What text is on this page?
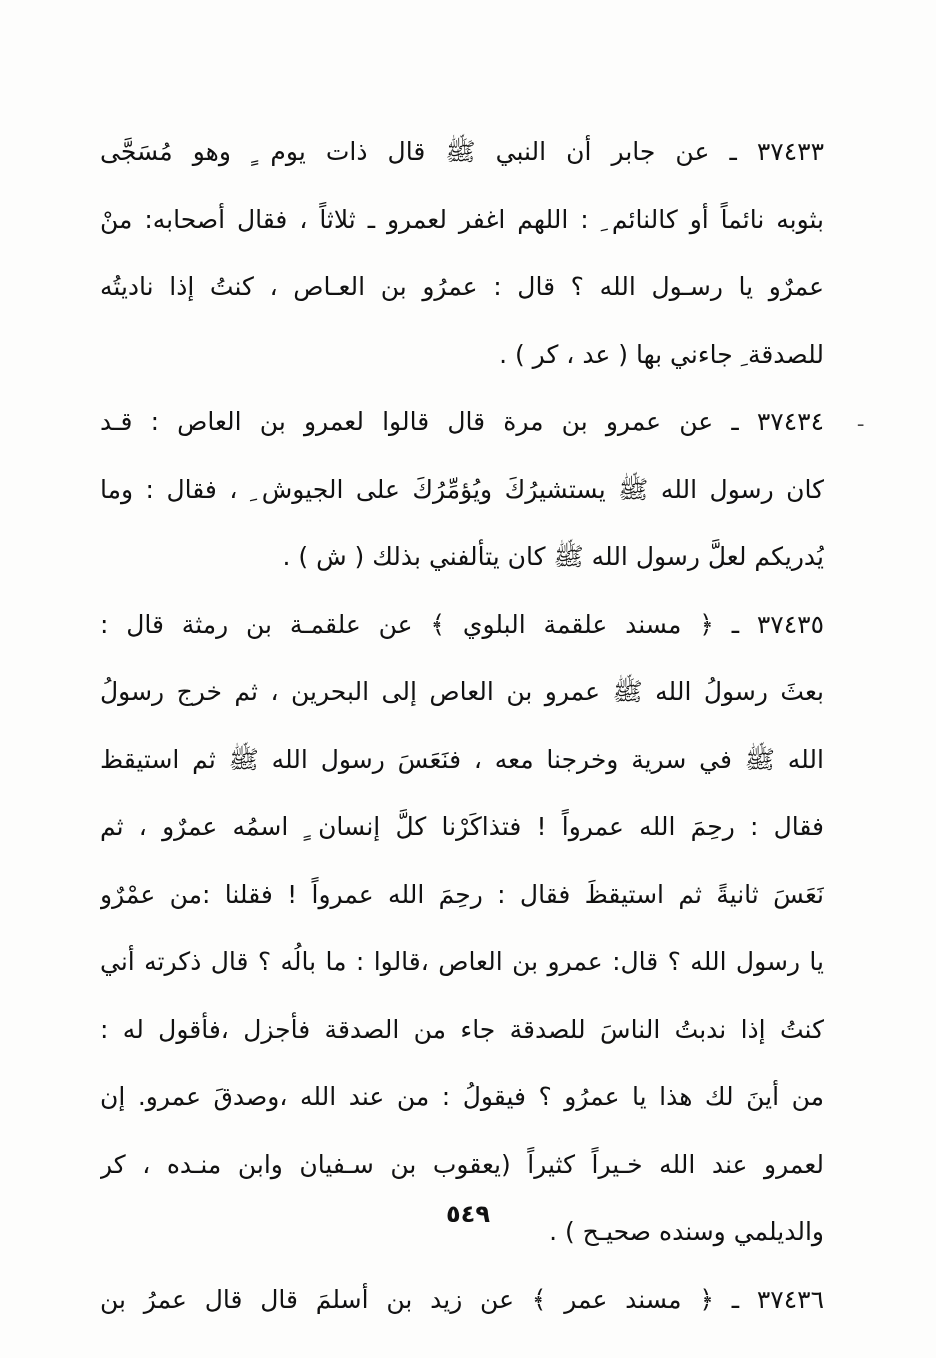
ـ
٣٧٤٣٣ ـ عن جابر أن النبي ﷺ قال ذات يوم ٍ وهو مُسَجَّى
بثوبه نائماً أو كالنائم ِ : اللهم اغفر لعمرو ـ ثلاثاً ، فقال أصحابه: منْ
عمرٌو يا رسـول الله ؟ قال : عمرُو بن العـاص ، كنتُ إذا ناديتُه
للصدقة ِ جاءني بها ( عد ، كر ) .
٣٧٤٣٤ ـ عن عمرو بن مرة قال قالوا لعمرو بن العاص : قـد
كان رسول الله ﷺ يستشيرُكَ ويُؤمِّرُكَ على الجيوش ِ ، فقال : وما
يُدريكم لعلَّ رسول الله ﷺ كان يتألفني بذلك ( ش ) .
٣٧٤٣٥ ـ ﴿ مسند علقمة البلوي ﴾ عن علقمـة بن رمثة قال :
بعثَ رسولُ الله ﷺ عمرو بن العاص إلى البحرين ، ثم خرج رسولُ
الله ﷺ في سرية وخرجنا معه ، فنَعَسَ رسول الله ﷺ ثم استيقظ
فقال : رحِمَ الله عمرواً ! فتذاكَرْنا كلَّ إنسان ٍ اسمُه عمرٌو ، ثم
نَعَسَ ثانيةً ثم استيقظَ فقال : رحِمَ الله عمرواً ! فقلنا :من عمْرٌو
يا رسول الله ؟ قال: عمرو بن العاص ،قالوا : ما بالُه ؟ قال ذكرته أني
كنتُ إذا ندبتُ الناسَ للصدقة جاء من الصدقة فأجزل ،فأقول له :
من أينَ لك هذا يا عمرُو ؟ فيقولُ : من عند الله ،وصدقَ عمرو. إن
لعمرو عند الله خـيراً كثيراً (يعقوب بن سـفيان وابن منـده ، كر
والديلمي وسنده صحيـح ) .
٣٧٤٣٦ ـ ﴿ مسند عمر ﴾ عن زيد بن أسلمَ قال قال عمرُ بن
٥٤٩
